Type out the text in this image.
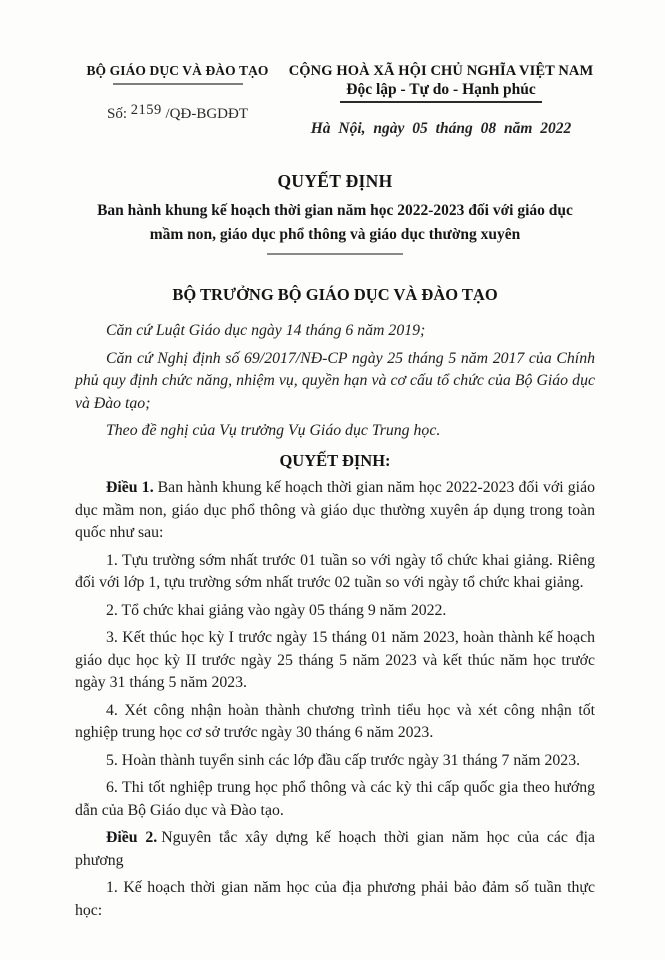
BỘ GIÁO DỤC VÀ ĐÀO TẠO
Số: 2159 /QĐ-BGDĐT
CỘNG HOÀ XÃ HỘI CHỦ NGHĨA VIỆT NAM
Độc lập - Tự do - Hạnh phúc
Hà Nội, ngày 05 tháng 08 năm 2022
QUYẾT ĐỊNH
Ban hành khung kế hoạch thời gian năm học 2022-2023 đối với giáo dục
mầm non, giáo dục phổ thông và giáo dục thường xuyên
BỘ TRƯỞNG BỘ GIÁO DỤC VÀ ĐÀO TẠO

Căn cứ Luật Giáo dục ngày 14 tháng 6 năm 2019;

Căn cứ Nghị định số 69/2017/NĐ-CP ngày 25 tháng 5 năm 2017 của Chính phủ quy định chức năng, nhiệm vụ, quyền hạn và cơ cấu tổ chức của Bộ Giáo dục và Đào tạo;

Theo đề nghị của Vụ trưởng Vụ Giáo dục Trung học.

QUYẾT ĐỊNH:

Điều 1. Ban hành khung kế hoạch thời gian năm học 2022-2023 đối với giáo dục mầm non, giáo dục phổ thông và giáo dục thường xuyên áp dụng trong toàn quốc như sau:

1. Tựu trường sớm nhất trước 01 tuần so với ngày tổ chức khai giảng. Riêng đối với lớp 1, tựu trường sớm nhất trước 02 tuần so với ngày tổ chức khai giảng.

2. Tổ chức khai giảng vào ngày 05 tháng 9 năm 2022.

3. Kết thúc học kỳ I trước ngày 15 tháng 01 năm 2023, hoàn thành kế hoạch giáo dục học kỳ II trước ngày 25 tháng 5 năm 2023 và kết thúc năm học trước ngày 31 tháng 5 năm 2023.

4. Xét công nhận hoàn thành chương trình tiểu học và xét công nhận tốt nghiệp trung học cơ sở trước ngày 30 tháng 6 năm 2023.

5. Hoàn thành tuyển sinh các lớp đầu cấp trước ngày 31 tháng 7 năm 2023.

6. Thi tốt nghiệp trung học phổ thông và các kỳ thi cấp quốc gia theo hướng dẫn của Bộ Giáo dục và Đào tạo.

Điều 2. Nguyên tắc xây dựng kế hoạch thời gian năm học của các địa phương

1. Kế hoạch thời gian năm học của địa phương phải bảo đảm số tuần thực học:
